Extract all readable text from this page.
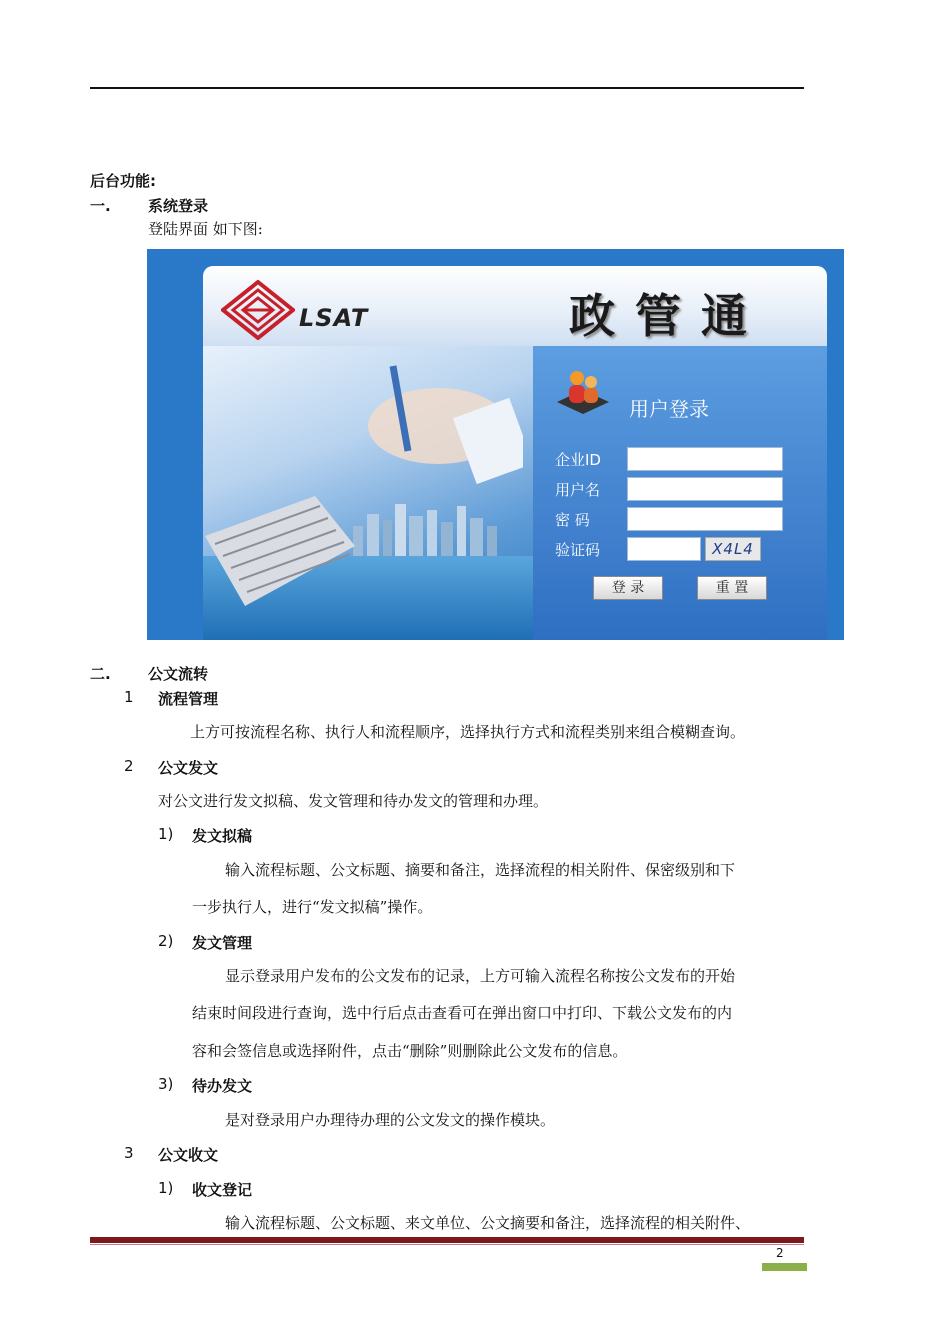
后台功能:
一. 系统登录
登陆界面 如下图:
LSAT	政管通
用户登录
企业ID
用户名
密 码
验证码	X4L4
登 录	重 置
二. 公文流转
1 流程管理
上方可按流程名称、执行人和流程顺序，选择执行方式和流程类别来组合模糊查询。
2 公文发文
对公文进行发文拟稿、发文管理和待办发文的管理和办理。
1) 发文拟稿
输入流程标题、公文标题、摘要和备注，选择流程的相关附件、保密级别和下
一步执行人，进行“发文拟稿”操作。
2) 发文管理
显示登录用户发布的公文发布的记录，上方可输入流程名称按公文发布的开始
结束时间段进行查询，选中行后点击查看可在弹出窗口中打印、下载公文发布的内
容和会签信息或选择附件，点击“删除”则删除此公文发布的信息。
3) 待办发文
是对登录用户办理待办理的公文发文的操作模块。
3 公文收文
1) 收文登记
输入流程标题、公文标题、来文单位、公文摘要和备注，选择流程的相关附件、
2
